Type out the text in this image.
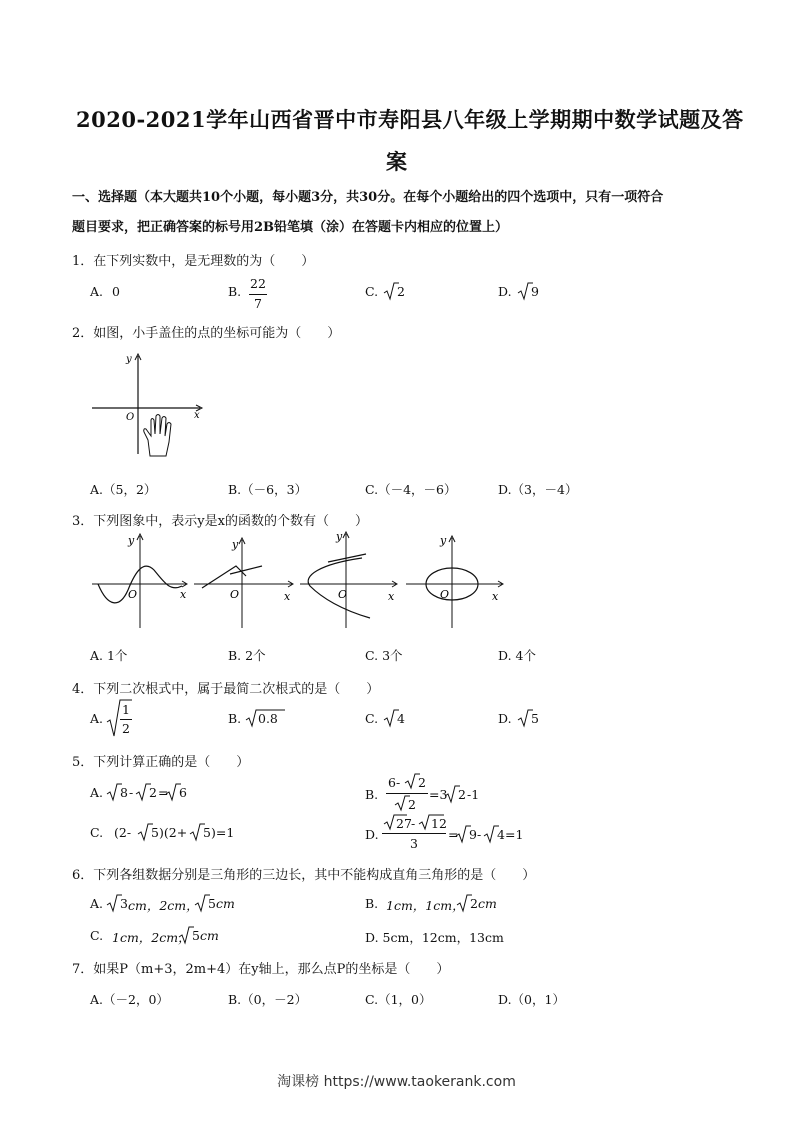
2020-2021学年山西省晋中市寿阳县八年级上学期期中数学试题及答
案
一、选择题（本大题共10个小题，每小题3分，共30分。在每个小题给出的四个选项中，只有一项符合
题目要求，把正确答案的标号用2B铅笔填（涂）在答题卡内相应的位置上）
1．在下列实数中，是无理数的为（　　）
A. 0	B.
22
7
C. 2	D. 9
2．如图，小手盖住的点的坐标可能为（　　）
y
x
O
A.（5，2）	B.（－6，3）	C.（－4，－6）	D.（3，－4）
3．下列图象中，表示y是x的函数的个数有（　　）
y
x
O
y
x
O
y
x
O
y
x
O
A. 1个	B. 2个	C. 3个	D. 4个
4．下列二次根式中，属于最简二次根式的是（　　）
A.
1
2
B. 0.8	C. 4	D. 5
5．下列计算正确的是（　　）
A. 8 - 2 = 6	B.
6- 2
2
=3 2 -1
C. (2- 5 )(2+ 5 )=1	D.
27 - 12
3
= 9 - 4 =1
6．下列各组数据分别是三角形的三边长，其中不能构成直角三角形的是（　　）
A. 3 cm，2cm， 5 cm	B. 1cm，1cm， 2 cm
C. 1cm，2cm， 5 cm	D. 5cm，12cm，13cm
7．如果P（m+3，2m+4）在y轴上，那么点P的坐标是（　　）
A.（－2，0）	B.（0，－2）	C.（1，0）	D.（0，1）
淘课榜 https://www.taokerank.com
